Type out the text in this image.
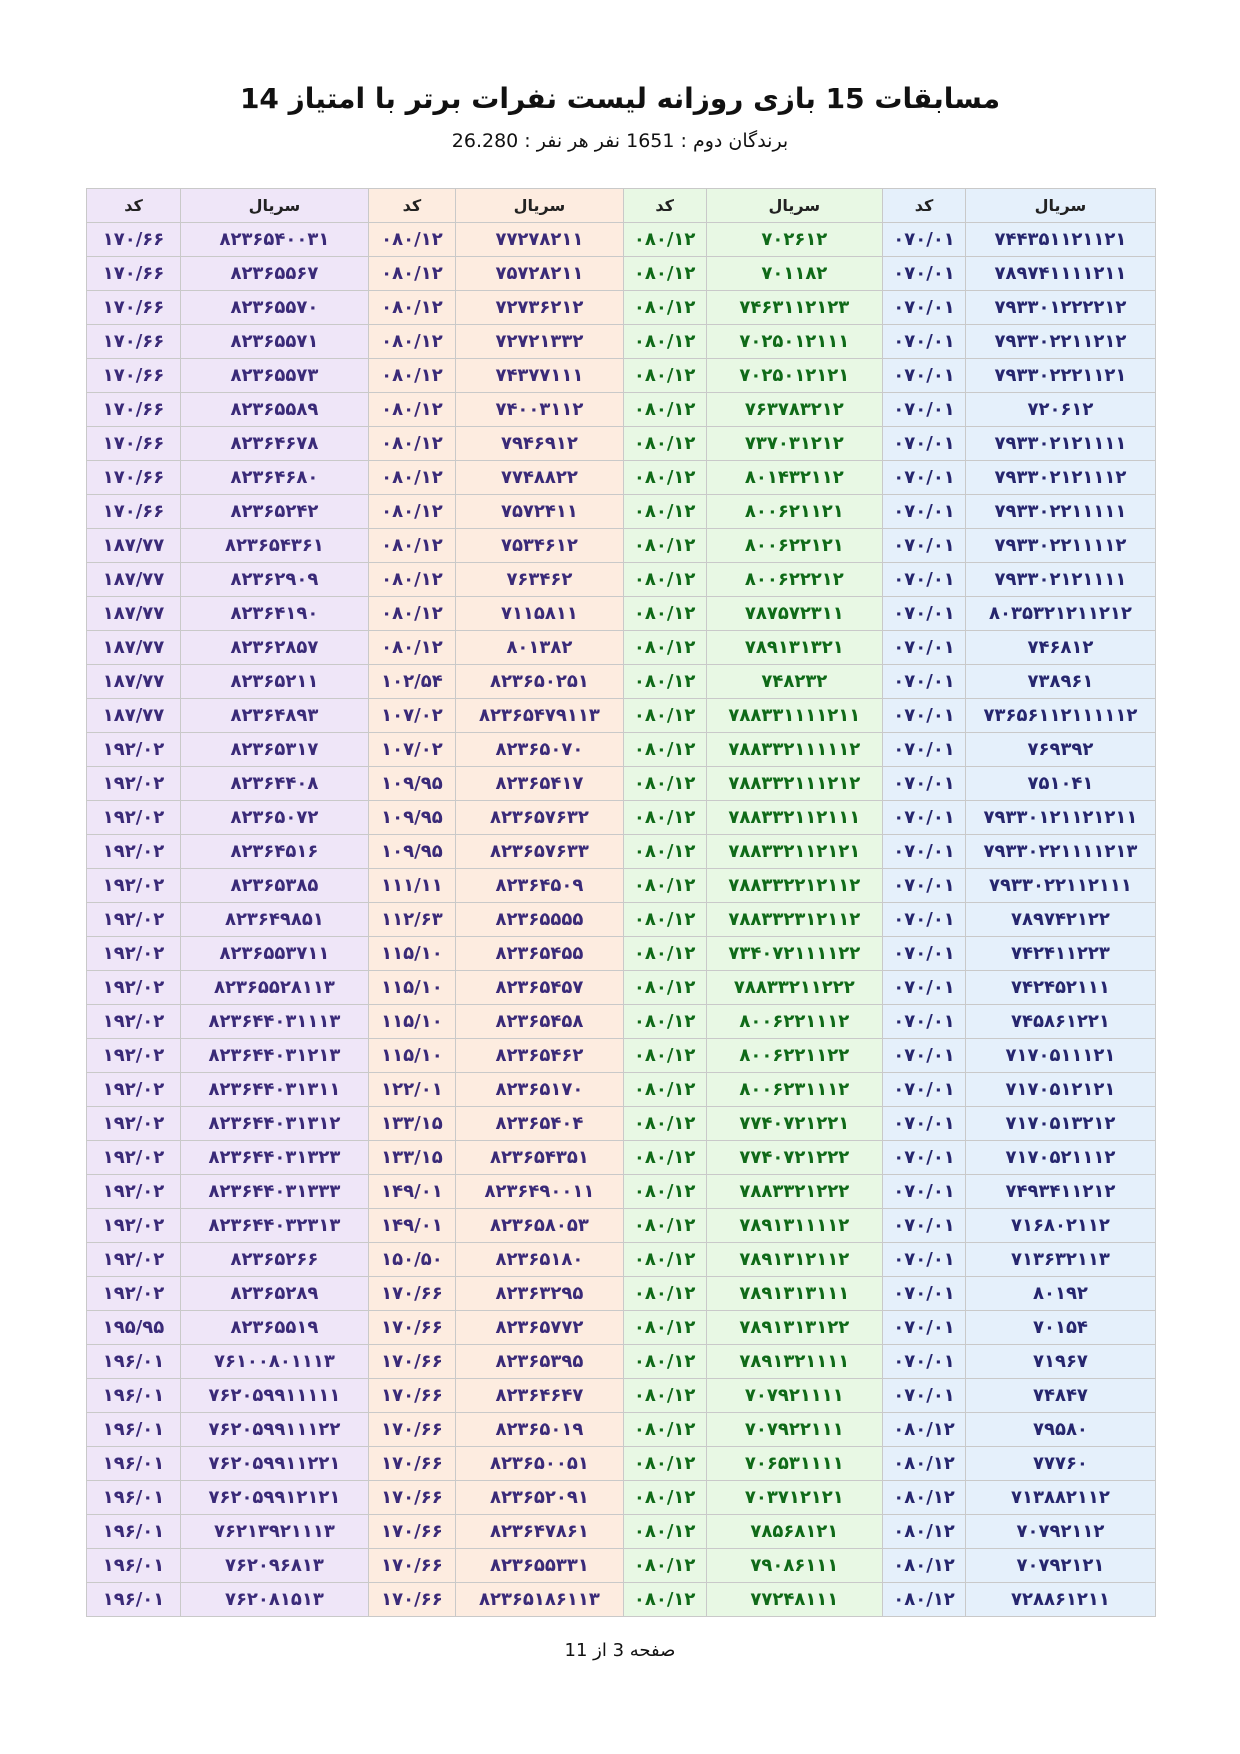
مسابقات 15 بازی روزانه لیست نفرات برتر با امتیاز 14
برندگان دوم : 1651 نفر هر نفر : 26.280
سریال	کد	سریال	کد	سریال	کد	سریال	کد
۷۴۴۳۵۱۱۲۱۱۲۱	۰۷۰/۰۱	۷۰۲۶۱۲	۰۸۰/۱۲	۷۷۲۷۸۲۱۱	۰۸۰/۱۲	۸۲۳۶۵۴۰۰۳۱	۱۷۰/۶۶
۷۸۹۷۴۱۱۱۱۲۱۱	۰۷۰/۰۱	۷۰۱۱۸۲	۰۸۰/۱۲	۷۵۷۲۸۲۱۱	۰۸۰/۱۲	۸۲۳۶۵۵۶۷	۱۷۰/۶۶
۷۹۳۳۰۱۲۲۲۲۱۲	۰۷۰/۰۱	۷۴۶۳۱۱۲۱۲۳	۰۸۰/۱۲	۷۲۷۳۶۲۱۲	۰۸۰/۱۲	۸۲۳۶۵۵۷۰	۱۷۰/۶۶
۷۹۳۳۰۲۲۱۱۲۱۲	۰۷۰/۰۱	۷۰۲۵۰۱۲۱۱۱	۰۸۰/۱۲	۷۲۷۲۱۳۳۲	۰۸۰/۱۲	۸۲۳۶۵۵۷۱	۱۷۰/۶۶
۷۹۳۳۰۲۲۲۱۱۲۱	۰۷۰/۰۱	۷۰۲۵۰۱۲۱۲۱	۰۸۰/۱۲	۷۴۳۷۷۱۱۱	۰۸۰/۱۲	۸۲۳۶۵۵۷۳	۱۷۰/۶۶
۷۲۰۶۱۲	۰۷۰/۰۱	۷۶۳۷۸۳۲۱۲	۰۸۰/۱۲	۷۴۰۰۳۱۱۲	۰۸۰/۱۲	۸۲۳۶۵۵۸۹	۱۷۰/۶۶
۷۹۳۳۰۲۱۲۱۱۱۱	۰۷۰/۰۱	۷۳۷۰۳۱۲۱۲	۰۸۰/۱۲	۷۹۴۶۹۱۲	۰۸۰/۱۲	۸۲۳۶۴۶۷۸	۱۷۰/۶۶
۷۹۳۳۰۲۱۲۱۱۱۲	۰۷۰/۰۱	۸۰۱۴۳۲۱۱۲	۰۸۰/۱۲	۷۷۴۸۸۲۲	۰۸۰/۱۲	۸۲۳۶۴۶۸۰	۱۷۰/۶۶
۷۹۳۳۰۲۲۱۱۱۱۱	۰۷۰/۰۱	۸۰۰۶۲۱۱۲۱	۰۸۰/۱۲	۷۵۷۲۴۱۱	۰۸۰/۱۲	۸۲۳۶۵۲۴۲	۱۷۰/۶۶
۷۹۳۳۰۲۲۱۱۱۱۲	۰۷۰/۰۱	۸۰۰۶۲۲۱۲۱	۰۸۰/۱۲	۷۵۳۴۶۱۲	۰۸۰/۱۲	۸۲۳۶۵۴۳۶۱	۱۸۷/۷۷
۷۹۳۳۰۲۱۲۱۱۱۱	۰۷۰/۰۱	۸۰۰۶۲۲۲۱۲	۰۸۰/۱۲	۷۶۳۴۶۲	۰۸۰/۱۲	۸۲۳۶۲۹۰۹	۱۸۷/۷۷
۸۰۳۵۳۲۱۲۱۱۲۱۲	۰۷۰/۰۱	۷۸۷۵۷۲۳۱۱	۰۸۰/۱۲	۷۱۱۵۸۱۱	۰۸۰/۱۲	۸۲۳۶۴۱۹۰	۱۸۷/۷۷
۷۴۶۸۱۲	۰۷۰/۰۱	۷۸۹۱۳۱۳۲۱	۰۸۰/۱۲	۸۰۱۳۸۲	۰۸۰/۱۲	۸۲۳۶۲۸۵۷	۱۸۷/۷۷
۷۳۸۹۶۱	۰۷۰/۰۱	۷۴۸۲۳۲	۰۸۰/۱۲	۸۲۳۶۵۰۲۵۱	۱۰۲/۵۴	۸۲۳۶۵۲۱۱	۱۸۷/۷۷
۷۳۶۵۶۱۱۲۱۱۱۱۱۲	۰۷۰/۰۱	۷۸۸۳۳۱۱۱۱۲۱۱	۰۸۰/۱۲	۸۲۳۶۵۴۷۹۱۱۳	۱۰۷/۰۲	۸۲۳۶۴۸۹۳	۱۸۷/۷۷
۷۶۹۳۹۲	۰۷۰/۰۱	۷۸۸۳۳۲۱۱۱۱۱۲	۰۸۰/۱۲	۸۲۳۶۵۰۷۰	۱۰۷/۰۲	۸۲۳۶۵۳۱۷	۱۹۲/۰۲
۷۵۱۰۴۱	۰۷۰/۰۱	۷۸۸۳۳۲۱۱۱۲۱۲	۰۸۰/۱۲	۸۲۳۶۵۴۱۷	۱۰۹/۹۵	۸۲۳۶۴۴۰۸	۱۹۲/۰۲
۷۹۳۳۰۱۲۱۱۲۱۲۱۱	۰۷۰/۰۱	۷۸۸۳۳۲۱۱۲۱۱۱	۰۸۰/۱۲	۸۲۳۶۵۷۶۳۲	۱۰۹/۹۵	۸۲۳۶۵۰۷۲	۱۹۲/۰۲
۷۹۳۳۰۲۲۱۱۱۱۲۱۳	۰۷۰/۰۱	۷۸۸۳۳۲۱۱۲۱۲۱	۰۸۰/۱۲	۸۲۳۶۵۷۶۳۳	۱۰۹/۹۵	۸۲۳۶۴۵۱۶	۱۹۲/۰۲
۷۹۳۳۰۲۲۱۱۲۱۱۱	۰۷۰/۰۱	۷۸۸۳۳۲۲۱۲۱۱۲	۰۸۰/۱۲	۸۲۳۶۴۵۰۹	۱۱۱/۱۱	۸۲۳۶۵۳۸۵	۱۹۲/۰۲
۷۸۹۷۴۲۱۲۲	۰۷۰/۰۱	۷۸۸۳۳۲۳۱۲۱۱۲	۰۸۰/۱۲	۸۲۳۶۵۵۵۵	۱۱۲/۶۳	۸۲۳۶۴۹۸۵۱	۱۹۲/۰۲
۷۴۲۴۱۱۲۲۳	۰۷۰/۰۱	۷۳۴۰۷۲۱۱۱۱۲۲	۰۸۰/۱۲	۸۲۳۶۵۴۵۵	۱۱۵/۱۰	۸۲۳۶۵۵۳۷۱۱	۱۹۲/۰۲
۷۴۲۴۵۲۱۱۱	۰۷۰/۰۱	۷۸۸۳۳۲۱۱۲۲۲	۰۸۰/۱۲	۸۲۳۶۵۴۵۷	۱۱۵/۱۰	۸۲۳۶۵۵۲۸۱۱۳	۱۹۲/۰۲
۷۴۵۸۶۱۲۲۱	۰۷۰/۰۱	۸۰۰۶۲۲۱۱۱۲	۰۸۰/۱۲	۸۲۳۶۵۴۵۸	۱۱۵/۱۰	۸۲۳۶۴۴۰۳۱۱۱۳	۱۹۲/۰۲
۷۱۷۰۵۱۱۱۲۱	۰۷۰/۰۱	۸۰۰۶۲۲۱۱۲۲	۰۸۰/۱۲	۸۲۳۶۵۴۶۲	۱۱۵/۱۰	۸۲۳۶۴۴۰۳۱۲۱۳	۱۹۲/۰۲
۷۱۷۰۵۱۲۱۲۱	۰۷۰/۰۱	۸۰۰۶۲۳۱۱۱۲	۰۸۰/۱۲	۸۲۳۶۵۱۷۰	۱۲۲/۰۱	۸۲۳۶۴۴۰۳۱۳۱۱	۱۹۲/۰۲
۷۱۷۰۵۱۳۲۱۲	۰۷۰/۰۱	۷۷۴۰۷۲۱۲۲۱	۰۸۰/۱۲	۸۲۳۶۵۴۰۴	۱۳۳/۱۵	۸۲۳۶۴۴۰۳۱۳۱۲	۱۹۲/۰۲
۷۱۷۰۵۲۱۱۱۲	۰۷۰/۰۱	۷۷۴۰۷۲۱۲۲۲	۰۸۰/۱۲	۸۲۳۶۵۴۳۵۱	۱۳۳/۱۵	۸۲۳۶۴۴۰۳۱۳۲۳	۱۹۲/۰۲
۷۴۹۳۴۱۱۲۱۲	۰۷۰/۰۱	۷۸۸۳۳۲۱۲۲۲	۰۸۰/۱۲	۸۲۳۶۴۹۰۰۱۱	۱۴۹/۰۱	۸۲۳۶۴۴۰۳۱۳۳۳	۱۹۲/۰۲
۷۱۶۸۰۲۱۱۲	۰۷۰/۰۱	۷۸۹۱۳۱۱۱۱۲	۰۸۰/۱۲	۸۲۳۶۵۸۰۵۳	۱۴۹/۰۱	۸۲۳۶۴۴۰۳۲۳۱۳	۱۹۲/۰۲
۷۱۳۶۳۲۱۱۳	۰۷۰/۰۱	۷۸۹۱۳۱۲۱۱۲	۰۸۰/۱۲	۸۲۳۶۵۱۸۰	۱۵۰/۵۰	۸۲۳۶۵۲۶۶	۱۹۲/۰۲
۸۰۱۹۲	۰۷۰/۰۱	۷۸۹۱۳۱۳۱۱۱	۰۸۰/۱۲	۸۲۳۶۳۲۹۵	۱۷۰/۶۶	۸۲۳۶۵۲۸۹	۱۹۲/۰۲
۷۰۱۵۴	۰۷۰/۰۱	۷۸۹۱۳۱۳۱۲۲	۰۸۰/۱۲	۸۲۳۶۵۷۷۲	۱۷۰/۶۶	۸۲۳۶۵۵۱۹	۱۹۵/۹۵
۷۱۹۶۷	۰۷۰/۰۱	۷۸۹۱۳۲۱۱۱۱	۰۸۰/۱۲	۸۲۳۶۵۳۹۵	۱۷۰/۶۶	۷۶۱۰۰۸۰۱۱۱۳	۱۹۶/۰۱
۷۴۸۴۷	۰۷۰/۰۱	۷۰۷۹۲۱۱۱۱	۰۸۰/۱۲	۸۲۳۶۴۶۴۷	۱۷۰/۶۶	۷۶۲۰۵۹۹۱۱۱۱۱	۱۹۶/۰۱
۷۹۵۸۰	۰۸۰/۱۲	۷۰۷۹۲۲۱۱۱	۰۸۰/۱۲	۸۲۳۶۵۰۱۹	۱۷۰/۶۶	۷۶۲۰۵۹۹۱۱۱۲۲	۱۹۶/۰۱
۷۷۷۶۰	۰۸۰/۱۲	۷۰۶۵۳۱۱۱۱	۰۸۰/۱۲	۸۲۳۶۵۰۰۵۱	۱۷۰/۶۶	۷۶۲۰۵۹۹۱۱۲۲۱	۱۹۶/۰۱
۷۱۳۸۸۲۱۱۲	۰۸۰/۱۲	۷۰۳۷۱۲۱۲۱	۰۸۰/۱۲	۸۲۳۶۵۲۰۹۱	۱۷۰/۶۶	۷۶۲۰۵۹۹۱۲۱۲۱	۱۹۶/۰۱
۷۰۷۹۲۱۱۲	۰۸۰/۱۲	۷۸۵۶۸۱۲۱	۰۸۰/۱۲	۸۲۳۶۴۷۸۶۱	۱۷۰/۶۶	۷۶۲۱۳۹۲۱۱۱۳	۱۹۶/۰۱
۷۰۷۹۲۱۲۱	۰۸۰/۱۲	۷۹۰۸۶۱۱۱	۰۸۰/۱۲	۸۲۳۶۵۵۳۳۱	۱۷۰/۶۶	۷۶۲۰۹۶۸۱۳	۱۹۶/۰۱
۷۲۸۸۶۱۲۱۱	۰۸۰/۱۲	۷۷۲۴۸۱۱۱	۰۸۰/۱۲	۸۲۳۶۵۱۸۶۱۱۳	۱۷۰/۶۶	۷۶۲۰۸۱۵۱۳	۱۹۶/۰۱
صفحه 3 از 11
